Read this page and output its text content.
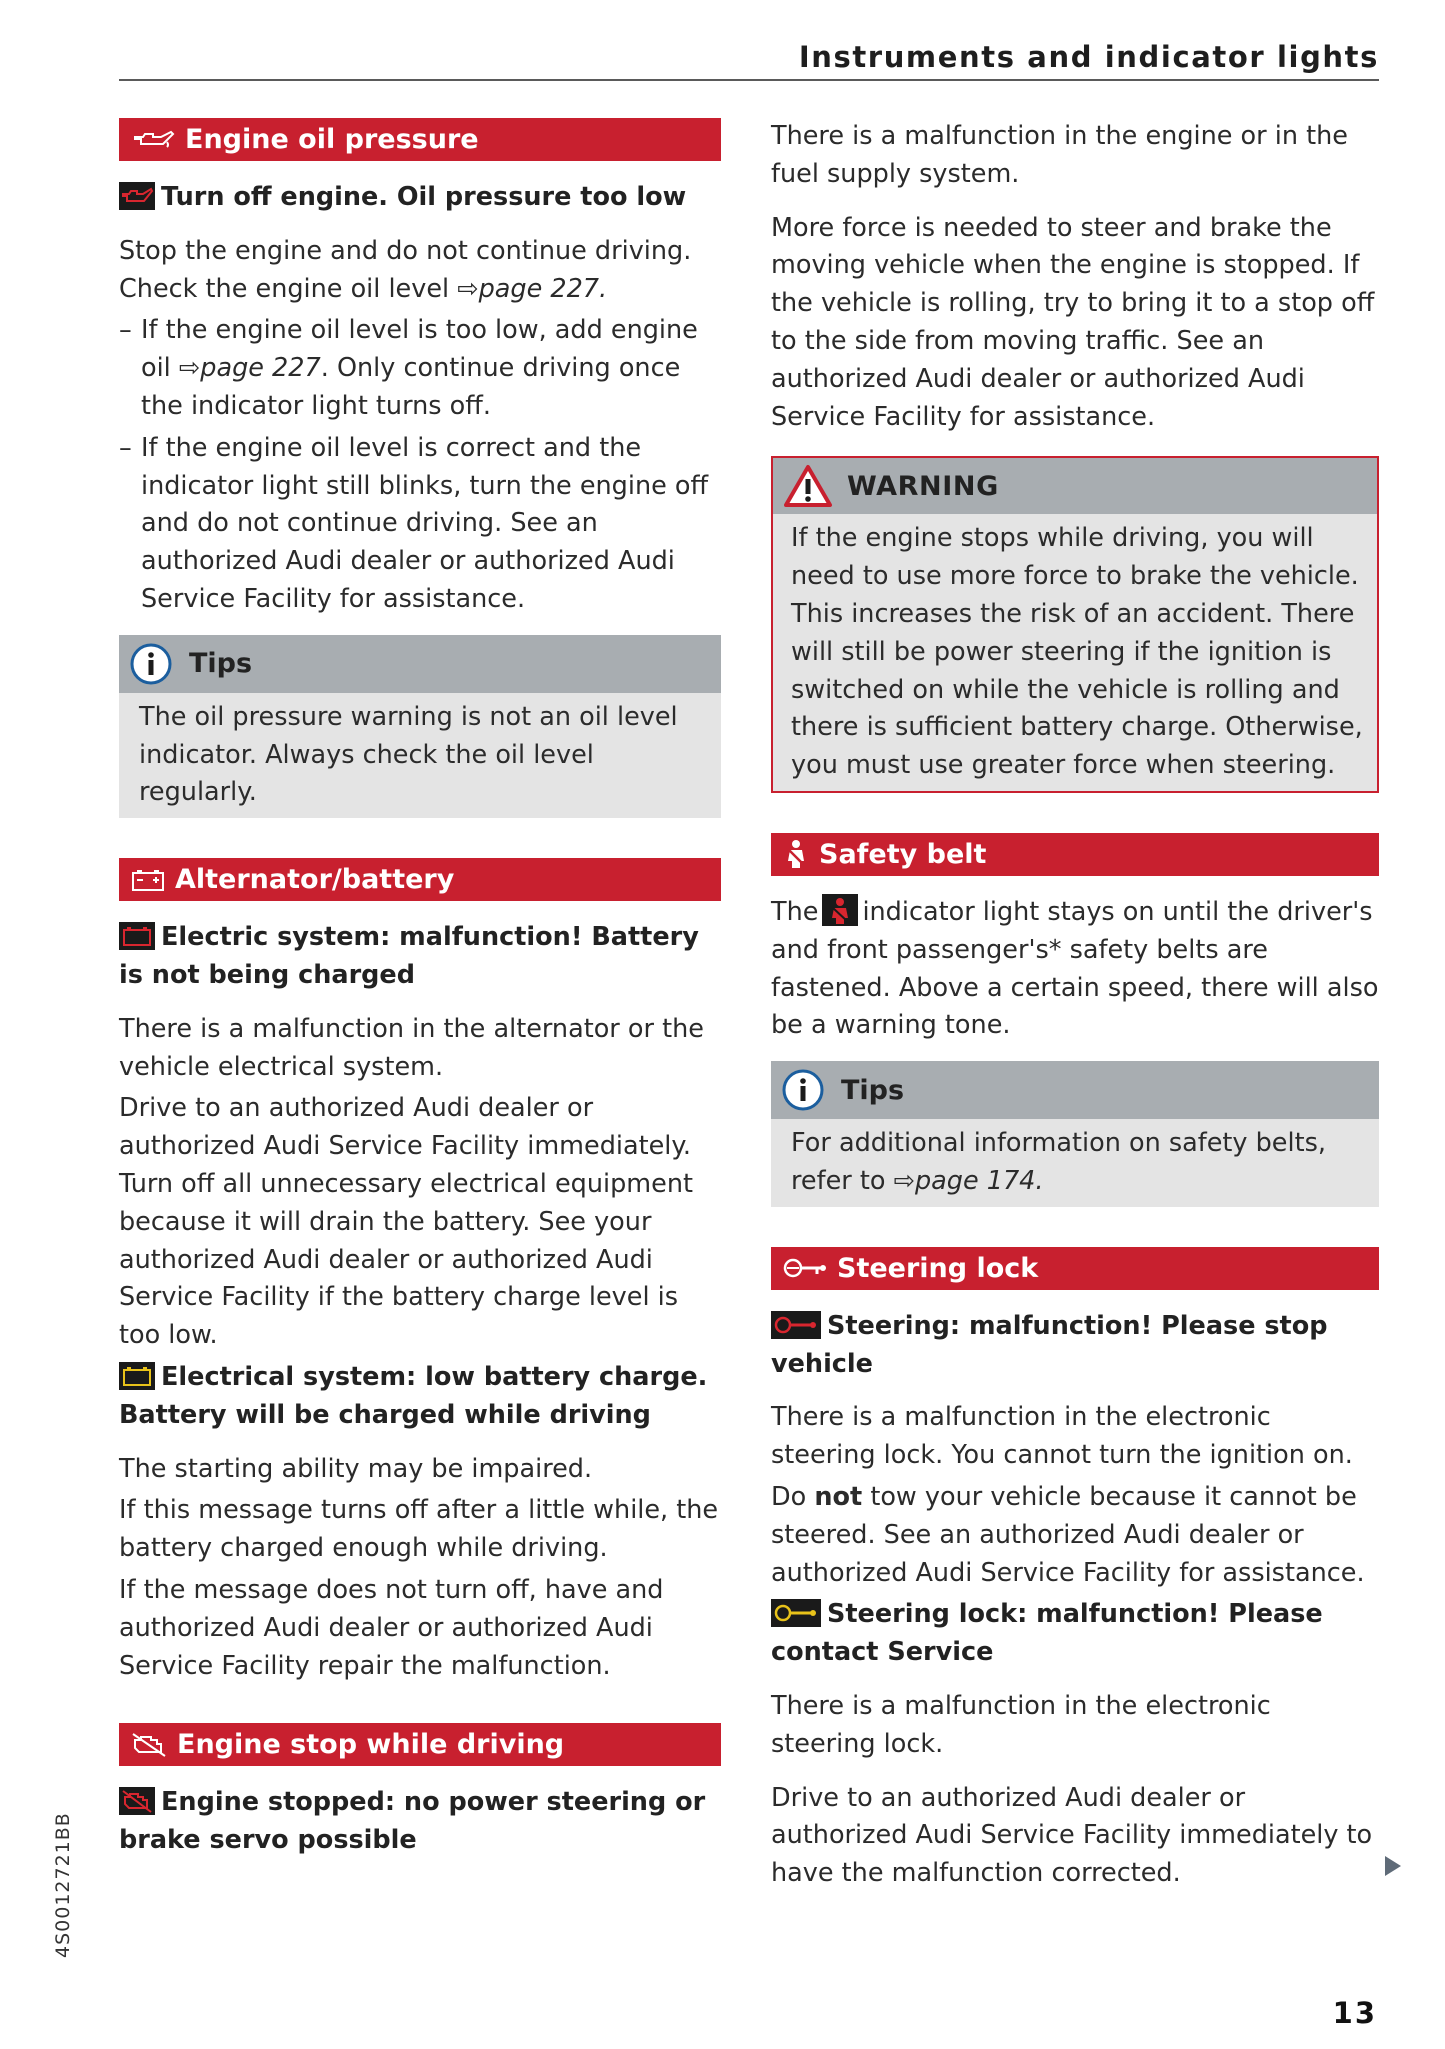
Instruments and indicator lights
Engine oil pressure
Turn off engine. Oil pressure too low

Stop the engine and do not continue driving. Check the engine oil level ⇨page 227.

– If the engine oil level is too low, add engine oil ⇨page 227. Only continue driving once the indicator light turns off.
– If the engine oil level is correct and the indicator light still blinks, turn the engine off and do not continue driving. See an authorized Audi dealer or authorized Audi Service Facility for assistance.
Tips

The oil pressure warning is not an oil level indicator. Always check the oil level regularly.

Alternator/battery
Electric system: malfunction! Battery is not being charged

There is a malfunction in the alternator or the vehicle electrical system.

Drive to an authorized Audi dealer or authorized Audi Service Facility immediately. Turn off all unnecessary electrical equipment because it will drain the battery. See your authorized Audi dealer or authorized Audi Service Facility if the battery charge level is too low.

Electrical system: low battery charge. Battery will be charged while driving

The starting ability may be impaired.

If this message turns off after a little while, the battery charged enough while driving.

If the message does not turn off, have and authorized Audi dealer or authorized Audi Service Facility repair the malfunction.

Engine stop while driving
Engine stopped: no power steering or brake servo possible

There is a malfunction in the engine or in the fuel supply system.

More force is needed to steer and brake the moving vehicle when the engine is stopped. If the vehicle is rolling, try to bring it to a stop off to the side from moving traffic. See an authorized Audi dealer or authorized Audi Service Facility for assistance.

WARNING

If the engine stops while driving, you will need to use more force to brake the vehicle. This increases the risk of an accident. There will still be power steering if the ignition is switched on while the vehicle is rolling and there is sufficient battery charge. Otherwise, you must use greater force when steering.

Safety belt

The indicator light stays on until the driver's and front passenger's* safety belts are fastened. Above a certain speed, there will also be a warning tone.

Tips

For additional information on safety belts, refer to ⇨page 174.

Steering lock
Steering: malfunction! Please stop vehicle

There is a malfunction in the electronic steering lock. You cannot turn the ignition on.

Do not tow your vehicle because it cannot be steered. See an authorized Audi dealer or authorized Audi Service Facility for assistance.

Steering lock: malfunction! Please contact Service

There is a malfunction in the electronic steering lock.

Drive to an authorized Audi dealer or authorized Audi Service Facility immediately to have the malfunction corrected.

4S0012721BB
13
